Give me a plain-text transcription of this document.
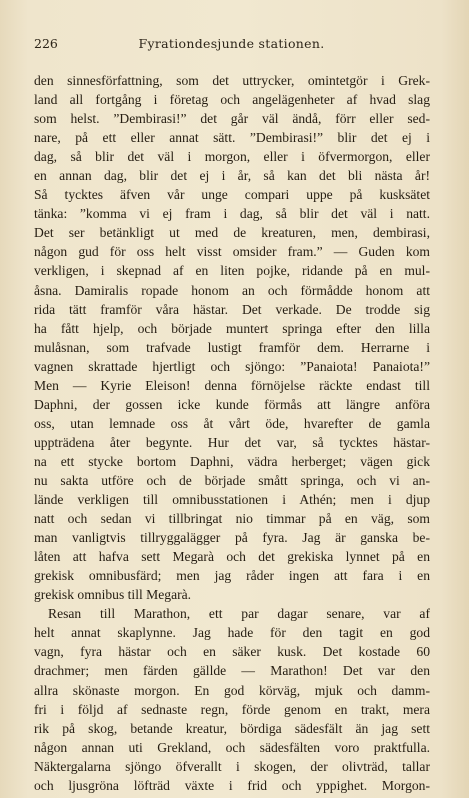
226	Fyrationdesjunde stationen.
den sinnesförfattning, som det uttrycker, omintetgör i Grek-
land all fortgång i företag och angelägenheter af hvad slag
som helst. ”Dembirasi!” det går väl ändå, förr eller sed-
nare, på ett eller annat sätt. ”Dembirasi!” blir det ej i
dag, så blir det väl i morgon, eller i öfvermorgon, eller
en annan dag, blir det ej i år, så kan det bli nästa år!
Så tycktes äfven vår unge compari uppe på kusksätet
tänka: ”komma vi ej fram i dag, så blir det väl i natt.
Det ser betänkligt ut med de kreaturen, men, dembirasi,
någon gud för oss helt visst omsider fram.” — Guden kom
verkligen, i skepnad af en liten pojke, ridande på en mul-
åsna. Damiralis ropade honom an och förmådde honom att
rida tätt framför våra hästar. Det verkade. De trodde sig
ha fått hjelp, och började muntert springa efter den lilla
mulåsnan, som trafvade lustigt framför dem. Herrarne i
vagnen skrattade hjertligt och sjöngo: ”Panaiota! Panaiota!”
Men — Kyrie Eleison! denna förnöjelse räckte endast till
Daphni, der gossen icke kunde förmås att längre anföra
oss, utan lemnade oss åt vårt öde, hvarefter de gamla
uppträdena åter begynte. Hur det var, så tycktes hästar-
na ett stycke bortom Daphni, vädra herberget; vägen gick
nu sakta utföre och de började smått springa, och vi an-
lände verkligen till omnibusstationen i Athén; men i djup
natt och sedan vi tillbringat nio timmar på en väg, som
man vanligtvis tillryggalägger på fyra. Jag är ganska be-
låten att hafva sett Megarà och det grekiska lynnet på en
grekisk omnibusfärd; men jag råder ingen att fara i en
grekisk omnibus till Megarà.
Resan till Marathon, ett par dagar senare, var af
helt annat skaplynne. Jag hade för den tagit en god
vagn, fyra hästar och en säker kusk. Det kostade 60
drachmer; men färden gällde — Marathon! Det var den
allra skönaste morgon. En god körväg, mjuk och damm-
fri i följd af sednaste regn, förde genom en trakt, mera
rik på skog, betande kreatur, bördiga sädesfält än jag sett
någon annan uti Grekland, och sädesfälten voro praktfulla.
Näktergalarna sjöngo öfverallt i skogen, der olivträd, tallar
och ljusgröna löfträd växte i frid och yppighet. Morgon-
